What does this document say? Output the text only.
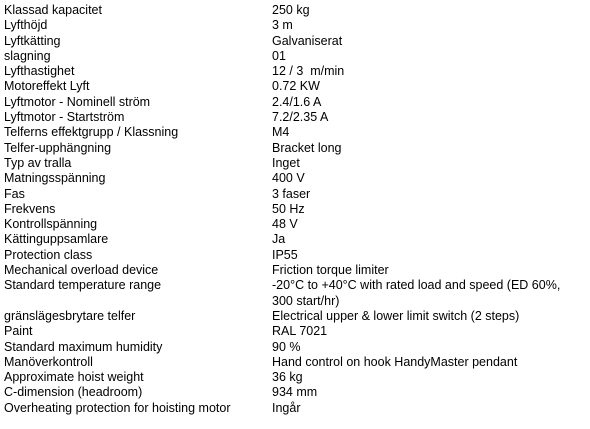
Klassad kapacitet	250 kg
Lyfthöjd	3 m
Lyftkätting	Galvaniserat
slagning	01
Lyfthastighet	12 / 3  m/min
Motoreffekt Lyft	0.72 KW
Lyftmotor - Nominell ström	2.4/1.6 A
Lyftmotor - Startström	7.2/2.35 A
Telferns effektgrupp / Klassning	M4
Telfer-upphängning	Bracket long
Typ av tralla	Inget
Matningsspänning	400 V
Fas	3 faser
Frekvens	50 Hz
Kontrollspänning	48 V
Kättinguppsamlare	Ja
Protection class	IP55
Mechanical overload device	Friction torque limiter
Standard temperature range	-20°C to +40°C with rated load and speed (ED 60%,
300 start/hr)
gränslägesbrytare telfer	Electrical upper & lower limit switch (2 steps)
Paint	RAL 7021
Standard maximum humidity	90 %
Manöverkontroll	Hand control on hook HandyMaster pendant
Approximate hoist weight	36 kg
C-dimension (headroom)	934 mm
Overheating protection for hoisting motor	Ingår
